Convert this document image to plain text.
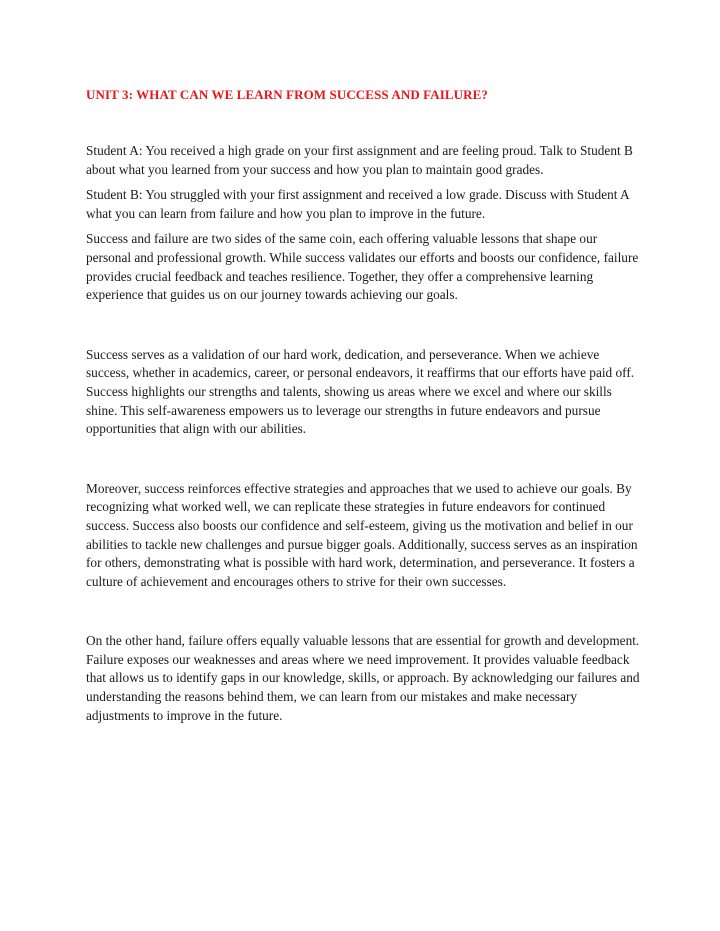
UNIT 3: WHAT CAN WE LEARN FROM SUCCESS AND FAILURE?

Student A: You received a high grade on your first assignment and are feeling proud. Talk to Student B about what you learned from your success and how you plan to maintain good grades.

Student B: You struggled with your first assignment and received a low grade. Discuss with Student A what you can learn from failure and how you plan to improve in the future.

Success and failure are two sides of the same coin, each offering valuable lessons that shape our personal and professional growth. While success validates our efforts and boosts our confidence, failure provides crucial feedback and teaches resilience. Together, they offer a comprehensive learning experience that guides us on our journey towards achieving our goals.

Success serves as a validation of our hard work, dedication, and perseverance. When we achieve success, whether in academics, career, or personal endeavors, it reaffirms that our efforts have paid off. Success highlights our strengths and talents, showing us areas where we excel and where our skills shine. This self-awareness empowers us to leverage our strengths in future endeavors and pursue opportunities that align with our abilities.

Moreover, success reinforces effective strategies and approaches that we used to achieve our goals. By recognizing what worked well, we can replicate these strategies in future endeavors for continued success. Success also boosts our confidence and self-esteem, giving us the motivation and belief in our abilities to tackle new challenges and pursue bigger goals. Additionally, success serves as an inspiration for others, demonstrating what is possible with hard work, determination, and perseverance. It fosters a culture of achievement and encourages others to strive for their own successes.

On the other hand, failure offers equally valuable lessons that are essential for growth and development. Failure exposes our weaknesses and areas where we need improvement. It provides valuable feedback that allows us to identify gaps in our knowledge, skills, or approach. By acknowledging our failures and understanding the reasons behind them, we can learn from our mistakes and make necessary adjustments to improve in the future.
